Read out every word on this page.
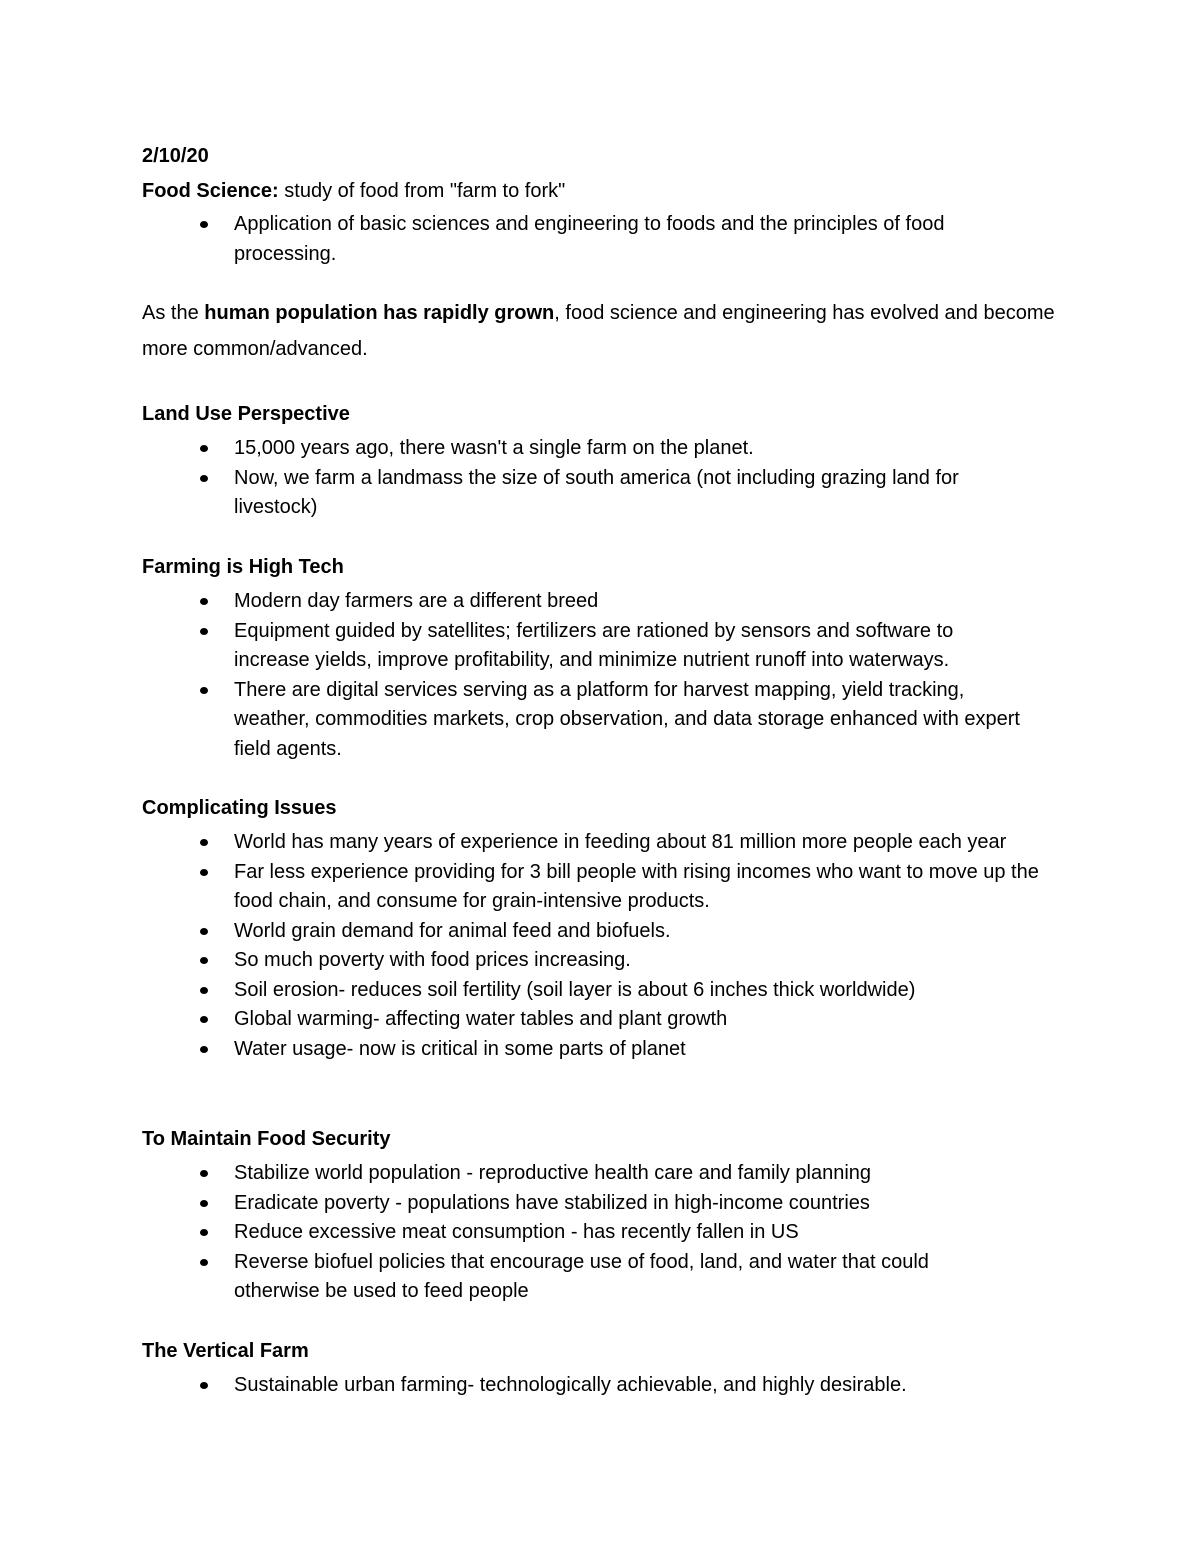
2/10/20
Food Science: study of food from "farm to fork"
Application of basic sciences and engineering to foods and the principles of food processing.
As the human population has rapidly grown, food science and engineering has evolved and become more common/advanced.
Land Use Perspective
15,000 years ago, there wasn't a single farm on the planet.
Now, we farm a landmass the size of south america (not including grazing land for livestock)
Farming is High Tech
Modern day farmers are a different breed
Equipment guided by satellites; fertilizers are rationed by sensors and software to increase yields, improve profitability, and minimize nutrient runoff into waterways.
There are digital services serving as a platform for harvest mapping, yield tracking, weather, commodities markets, crop observation, and data storage enhanced with expert field agents.
Complicating Issues
World has many years of experience in feeding about 81 million more people each year
Far less experience providing for 3 bill people with rising incomes who want to move up the food chain, and consume for grain-intensive products.
World grain demand for animal feed and biofuels.
So much poverty with food prices increasing.
Soil erosion- reduces soil fertility (soil layer is about 6 inches thick worldwide)
Global warming- affecting water tables and plant growth
Water usage- now is critical in some parts of planet
To Maintain Food Security
Stabilize world population - reproductive health care and family planning
Eradicate poverty - populations have stabilized in high-income countries
Reduce excessive meat consumption - has recently fallen in US
Reverse biofuel policies that encourage use of food, land, and water that could otherwise be used to feed people
The Vertical Farm
Sustainable urban farming- technologically achievable, and highly desirable.
